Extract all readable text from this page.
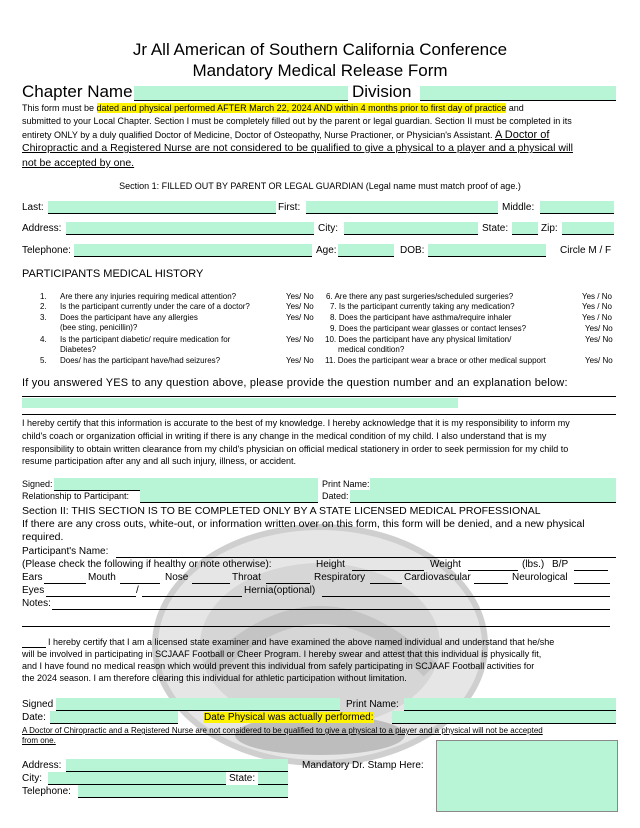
Jr All American of Southern California Conference
Mandatory Medical Release Form
Chapter Name	Division
This form must be dated and physical performed AFTER March 22, 2024 AND within 4 months prior to first day of practice and
submitted to your Local Chapter. Section I must be completely filled out by the parent or legal guardian. Section II must be completed in its
entirety ONLY by a duly qualified Doctor of Medicine, Doctor of Osteopathy, Nurse Practioner, or Physician's Assistant. A Doctor of
Chiropractic and a Registered Nurse are not considered to be qualified to give a physical to a player and a physical will
not be accepted by one.
Section 1: FILLED OUT BY PARENT OR LEGAL GUARDIAN (Legal name must match proof of age.)
Last:	First:	Middle:
Address:	City:	State:	Zip:
Telephone:	Age:	DOB:	Circle M / F
PARTICIPANTS MEDICAL HISTORY
1. Are there any injuries requiring medical attention?	Yes/ No
2. Is the participant currently under the care of a doctor?	Yes/ No
3. Does the participant have any allergies
(bee sting, penicillin)?
Yes/ No
4. Is the participant diabetic/ require medication for
Diabetes?
Yes/ No
5. Does/ has the participant have/had seizures?	Yes/ No
6. Are there any past surgeries/scheduled surgeries?	Yes / No
7. Is the participant currently taking any medication?	Yes / No
8. Does the participant have asthma/require inhaler	Yes / No
9. Does the participant wear glasses or contact lenses?	Yes/ No
10. Does the participant have any physical limitation/
medical condition?
Yes/ No
11. Does the participant wear a brace or other medical support	Yes/ No
If you answered YES to any question above, please provide the question number and an explanation below:
I hereby certify that this information is accurate to the best of my knowledge. I hereby acknowledge that it is my responsibility to inform my
child's coach or organization official in writing if there is any change in the medical condition of my child. I also understand that is my
responsibility to obtain written clearance from my child's physician on official medical stationery in order to seek permission for my child to
resume participation after any and all such injury, illness, or accident.
Signed:	Print Name:
Relationship to Participant:	Dated:
Section II: THIS SECTION IS TO BE COMPLETED ONLY BY A STATE LICENSED MEDICAL PROFESSIONAL
If there are any cross outs, white-out, or information written over on this form, this form will be denied, and a new physical
required.
Participant's Name:
(Please check the following if healthy or note otherwise):	Height	Weight	(lbs.) B/P
Ears	Mouth	Nose	Throat	Respiratory	Cardiovascular	Neurological
Eyes	/	Hernia(optional)
Notes:
I hereby certify that I am a licensed state examiner and have examined the above named individual and understand that he/she
will be involved in participating in SCJAAF Football or Cheer Program. I hereby swear and attest that this individual is physically fit,
and I have found no medical reason which would prevent this individual from safely participating in SCJAAF Football activities for
the 2024 season. I am therefore clearing this individual for athletic participation without limitation.
Signed	Print Name:
Date:	Date Physical was actually performed:
A Doctor of Chiropractic and a Registered Nurse are not considered to be qualified to give a physical to a player and a physical will not be accepted
from one.
Address:
City:	State:
Telephone:
Mandatory Dr. Stamp Here:
